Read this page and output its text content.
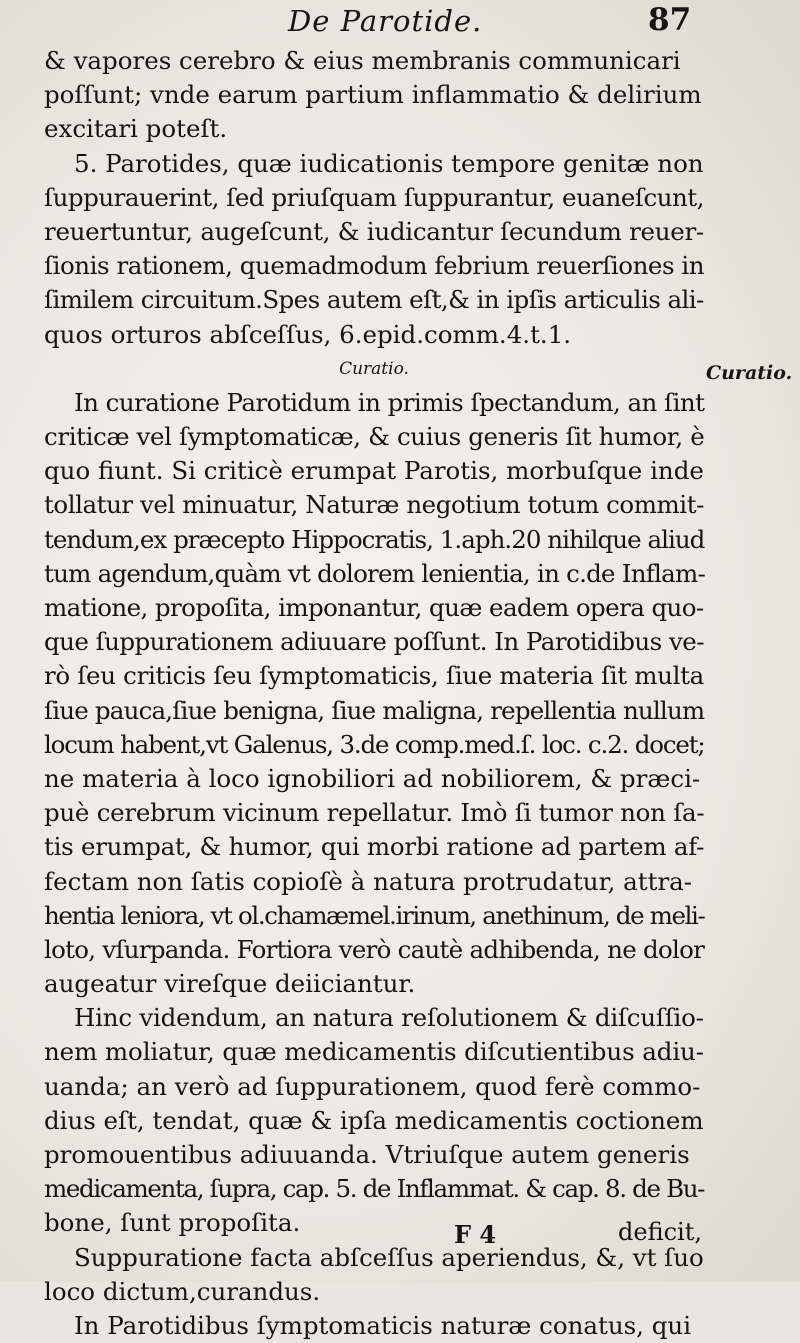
De Parotide.	87
& vapores cerebro & eius membranis communicari
poſſunt; vnde earum partium inflammatio & delirium
excitari poteſt.
5. Parotides, quæ iudicationis tempore genitæ non
ſuppurauerint, ſed priuſquam ſuppurantur, euaneſcunt,
reuertuntur, augeſcunt, & iudicantur ſecundum reuer-
ſionis rationem, quemadmodum febrium reuerſiones in
ſimilem circuitum.Spes autem eſt,& in ipſis articulis ali-
quos orturos abſceſſus, 6.epid.comm.4.t.1.
Curatio.
In curatione Parotidum in primis ſpectandum, an ſint
criticæ vel ſymptomaticæ, & cuius generis ſit humor, è
quo fiunt. Si criticè erumpat Parotis, morbuſque inde
tollatur vel minuatur, Naturæ negotium totum commit-
tendum,ex præcepto Hippocratis, 1.aph.20 nihilque aliud
tum agendum,quàm vt dolorem lenientia, in c.de Inflam-
matione, propoſita, imponantur, quæ eadem opera quo-
que ſuppurationem adiuuare poſſunt. In Parotidibus ve-
rò ſeu criticis ſeu ſymptomaticis, ſiue materia ſit multa
ſiue pauca,ſiue benigna, ſiue maligna, repellentia nullum
locum habent,vt Galenus, 3.de comp.med.ſ. loc. c.2. docet;
ne materia à loco ignobiliori ad nobiliorem, & præci-
puè cerebrum vicinum repellatur. Imò ſi tumor non ſa-
tis erumpat, & humor, qui morbi ratione ad partem af-
fectam non ſatis copioſè à natura protrudatur, attra-
hentia leniora, vt ol.chamæmel.irinum, anethinum, de meli-
loto, vſurpanda. Fortiora verò cautè adhibenda, ne dolor
augeatur vireſque deiiciantur.
Hinc videndum, an natura reſolutionem & diſcuſſio-
nem moliatur, quæ medicamentis diſcutientibus adiu-
uanda; an verò ad ſuppurationem, quod ferè commo-
dius eſt, tendat, quæ & ipſa medicamentis coctionem
promouentibus adiuuanda. Vtriuſque autem generis
medicamenta, ſupra, cap. 5. de Inflammat. & cap. 8. de Bu-
bone, ſunt propoſita.
Suppuratione facta abſceſſus aperiendus, &, vt ſuo
loco dictum,curandus.
In Parotidibus ſymptomaticis naturæ conatus, qui
Curatio.
F 4	deficit,
